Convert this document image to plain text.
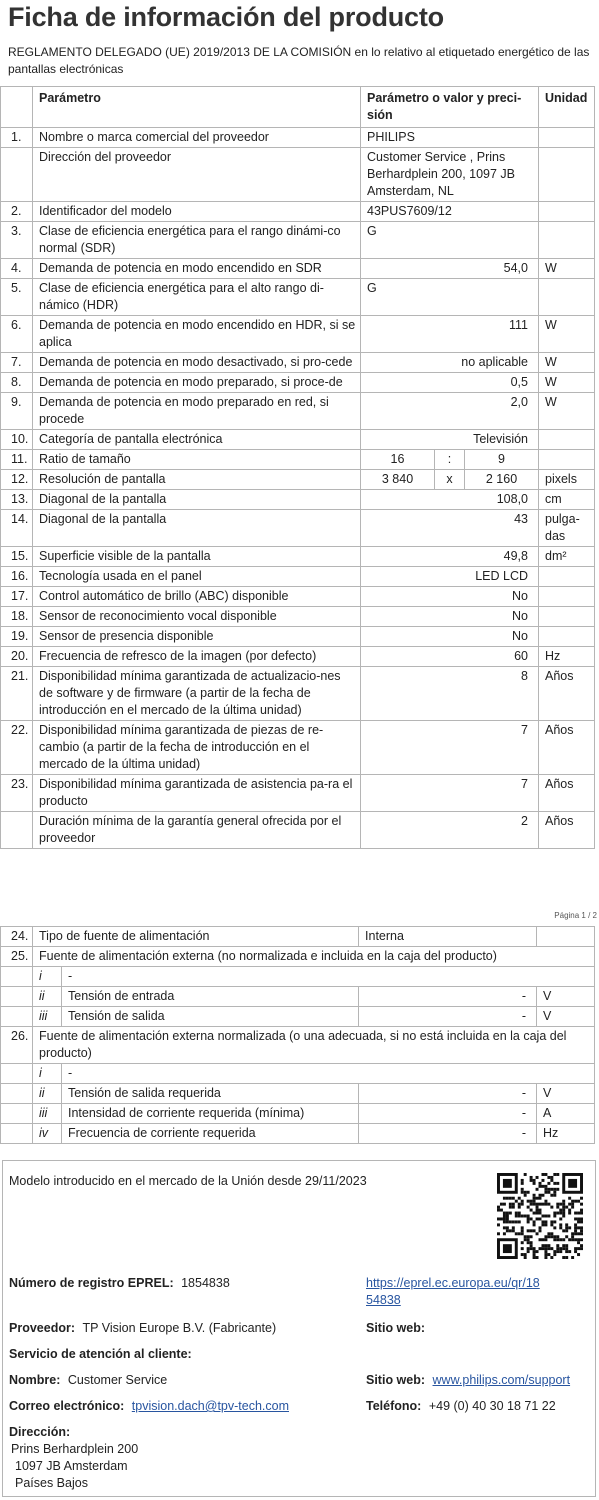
Ficha de información del producto
REGLAMENTO DELEGADO (UE) 2019/2013 DE LA COMISIÓN en lo relativo al etiquetado energético de las pantallas electrónicas
	Parámetro	Parámetro o valor y preci-sión			Unidad
1.	Nombre o marca comercial del proveedor	PHILIPS			
	Dirección del proveedor	Customer Service , Prins Berhardplein 200, 1097 JB Amsterdam, NL			
2.	Identificador del modelo	43PUS7609/12			
3.	Clase de eficiencia energética para el rango dinámi-co normal (SDR)	G			
4.	Demanda de potencia en modo encendido en SDR	54,0			W
5.	Clase de eficiencia energética para el alto rango di-námico (HDR)	G			
6.	Demanda de potencia en modo encendido en HDR, si se aplica	111			W
7.	Demanda de potencia en modo desactivado, si pro-cede	no aplicable			W
8.	Demanda de potencia en modo preparado, si proce-de	0,5			W
9.	Demanda de potencia en modo preparado en red, si procede	2,0			W
10.	Categoría de pantalla electrónica	Televisión			
11.	Ratio de tamaño	16	:	9	
12.	Resolución de pantalla	3 840	x	2 160	pixels
13.	Diagonal de la pantalla	108,0			cm
14.	Diagonal de la pantalla	43			pulga-das
15.	Superficie visible de la pantalla	49,8			dm²
16.	Tecnología usada en el panel	LED LCD			
17.	Control automático de brillo (ABC) disponible	No			
18.	Sensor de reconocimiento vocal disponible	No			
19.	Sensor de presencia disponible	No			
20.	Frecuencia de refresco de la imagen (por defecto)	60			Hz
21.	Disponibilidad mínima garantizada de actualizacio-nes de software y de firmware (a partir de la fecha de introducción en el mercado de la última unidad)	8			Años
22.	Disponibilidad mínima garantizada de piezas de re-cambio (a partir de la fecha de introducción en el mercado de la última unidad)	7			Años
23.	Disponibilidad mínima garantizada de asistencia pa-ra el producto	7			Años
	Duración mínima de la garantía general ofrecida por el proveedor	2			Años
Página 1 / 2
24.	Tipo de fuente de alimentación		Interna	
25.	Fuente de alimentación externa (no normalizada e incluida en la caja del producto)			
	i	-		
	ii	Tensión de entrada	-	V
	iii	Tensión de salida	-	V
26.	Fuente de alimentación externa normalizada (o una adecuada, si no está incluida en la caja del producto)			
	i	-		
	ii	Tensión de salida requerida	-	V
	iii	Intensidad de corriente requerida (mínima)	-	A
	iv	Frecuencia de corriente requerida	-	Hz
Modelo introducido en el mercado de la Unión desde 29/11/2023
Número de registro EPREL: 1854838	https://eprel.ec.europa.eu/qr/18
54838
Proveedor: TP Vision Europe B.V. (Fabricante)	Sitio web:
Servicio de atención al cliente:
Nombre: Customer Service	Sitio web: www.philips.com/support
Correo electrónico: tpvision.dach@tpv-tech.com	Teléfono: +49 (0) 40 30 18 71 22
Dirección:
Prins Berhardplein 200
1097 JB Amsterdam
Países Bajos
